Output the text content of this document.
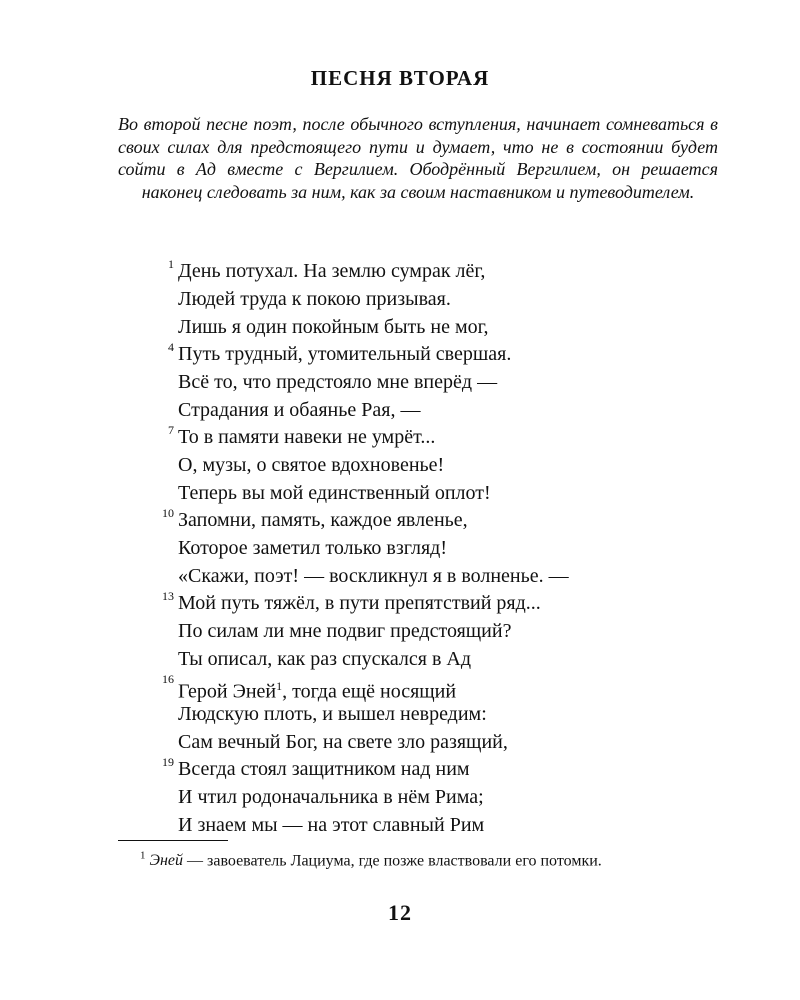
ПЕСНЯ ВТОРАЯ
Во второй песне поэт, после обычного вступления, начинает сомневаться в своих силах для предстоящего пути и думает, что не в состоянии будет сойти в Ад вместе с Вергилием. Ободрённый Вергилием, он решается наконец следовать за ним, как за своим наставником и путеводителем.
1 День потухал. На землю сумрак лёг,
Людей труда к покою призывая.
Лишь я один покойным быть не мог,
4 Путь трудный, утомительный свершая.
Всё то, что предстояло мне вперёд —
Страдания и обаянье Рая, —
7 То в памяти навеки не умрёт...
О, музы, о святое вдохновенье!
Теперь вы мой единственный оплот!
10 Запомни, память, каждое явленье,
Которое заметил только взгляд!
«Скажи, поэт! — воскликнул я в волненье. —
13 Мой путь тяжёл, в пути препятствий ряд...
По силам ли мне подвиг предстоящий?
Ты описал, как раз спускался в Ад
16
Герой Эней$^1$, тогда ещё носящий
Людскую плоть, и вышел невредим:
Сам вечный Бог, на свете зло разящий,
19 Всегда стоял защитником над ним
И чтил родоначальника в нём Рима;
И знаем мы — на этот славный Рим
$^1$ Эней — завоеватель Лациума, где позже властвовали его потомки.
12
